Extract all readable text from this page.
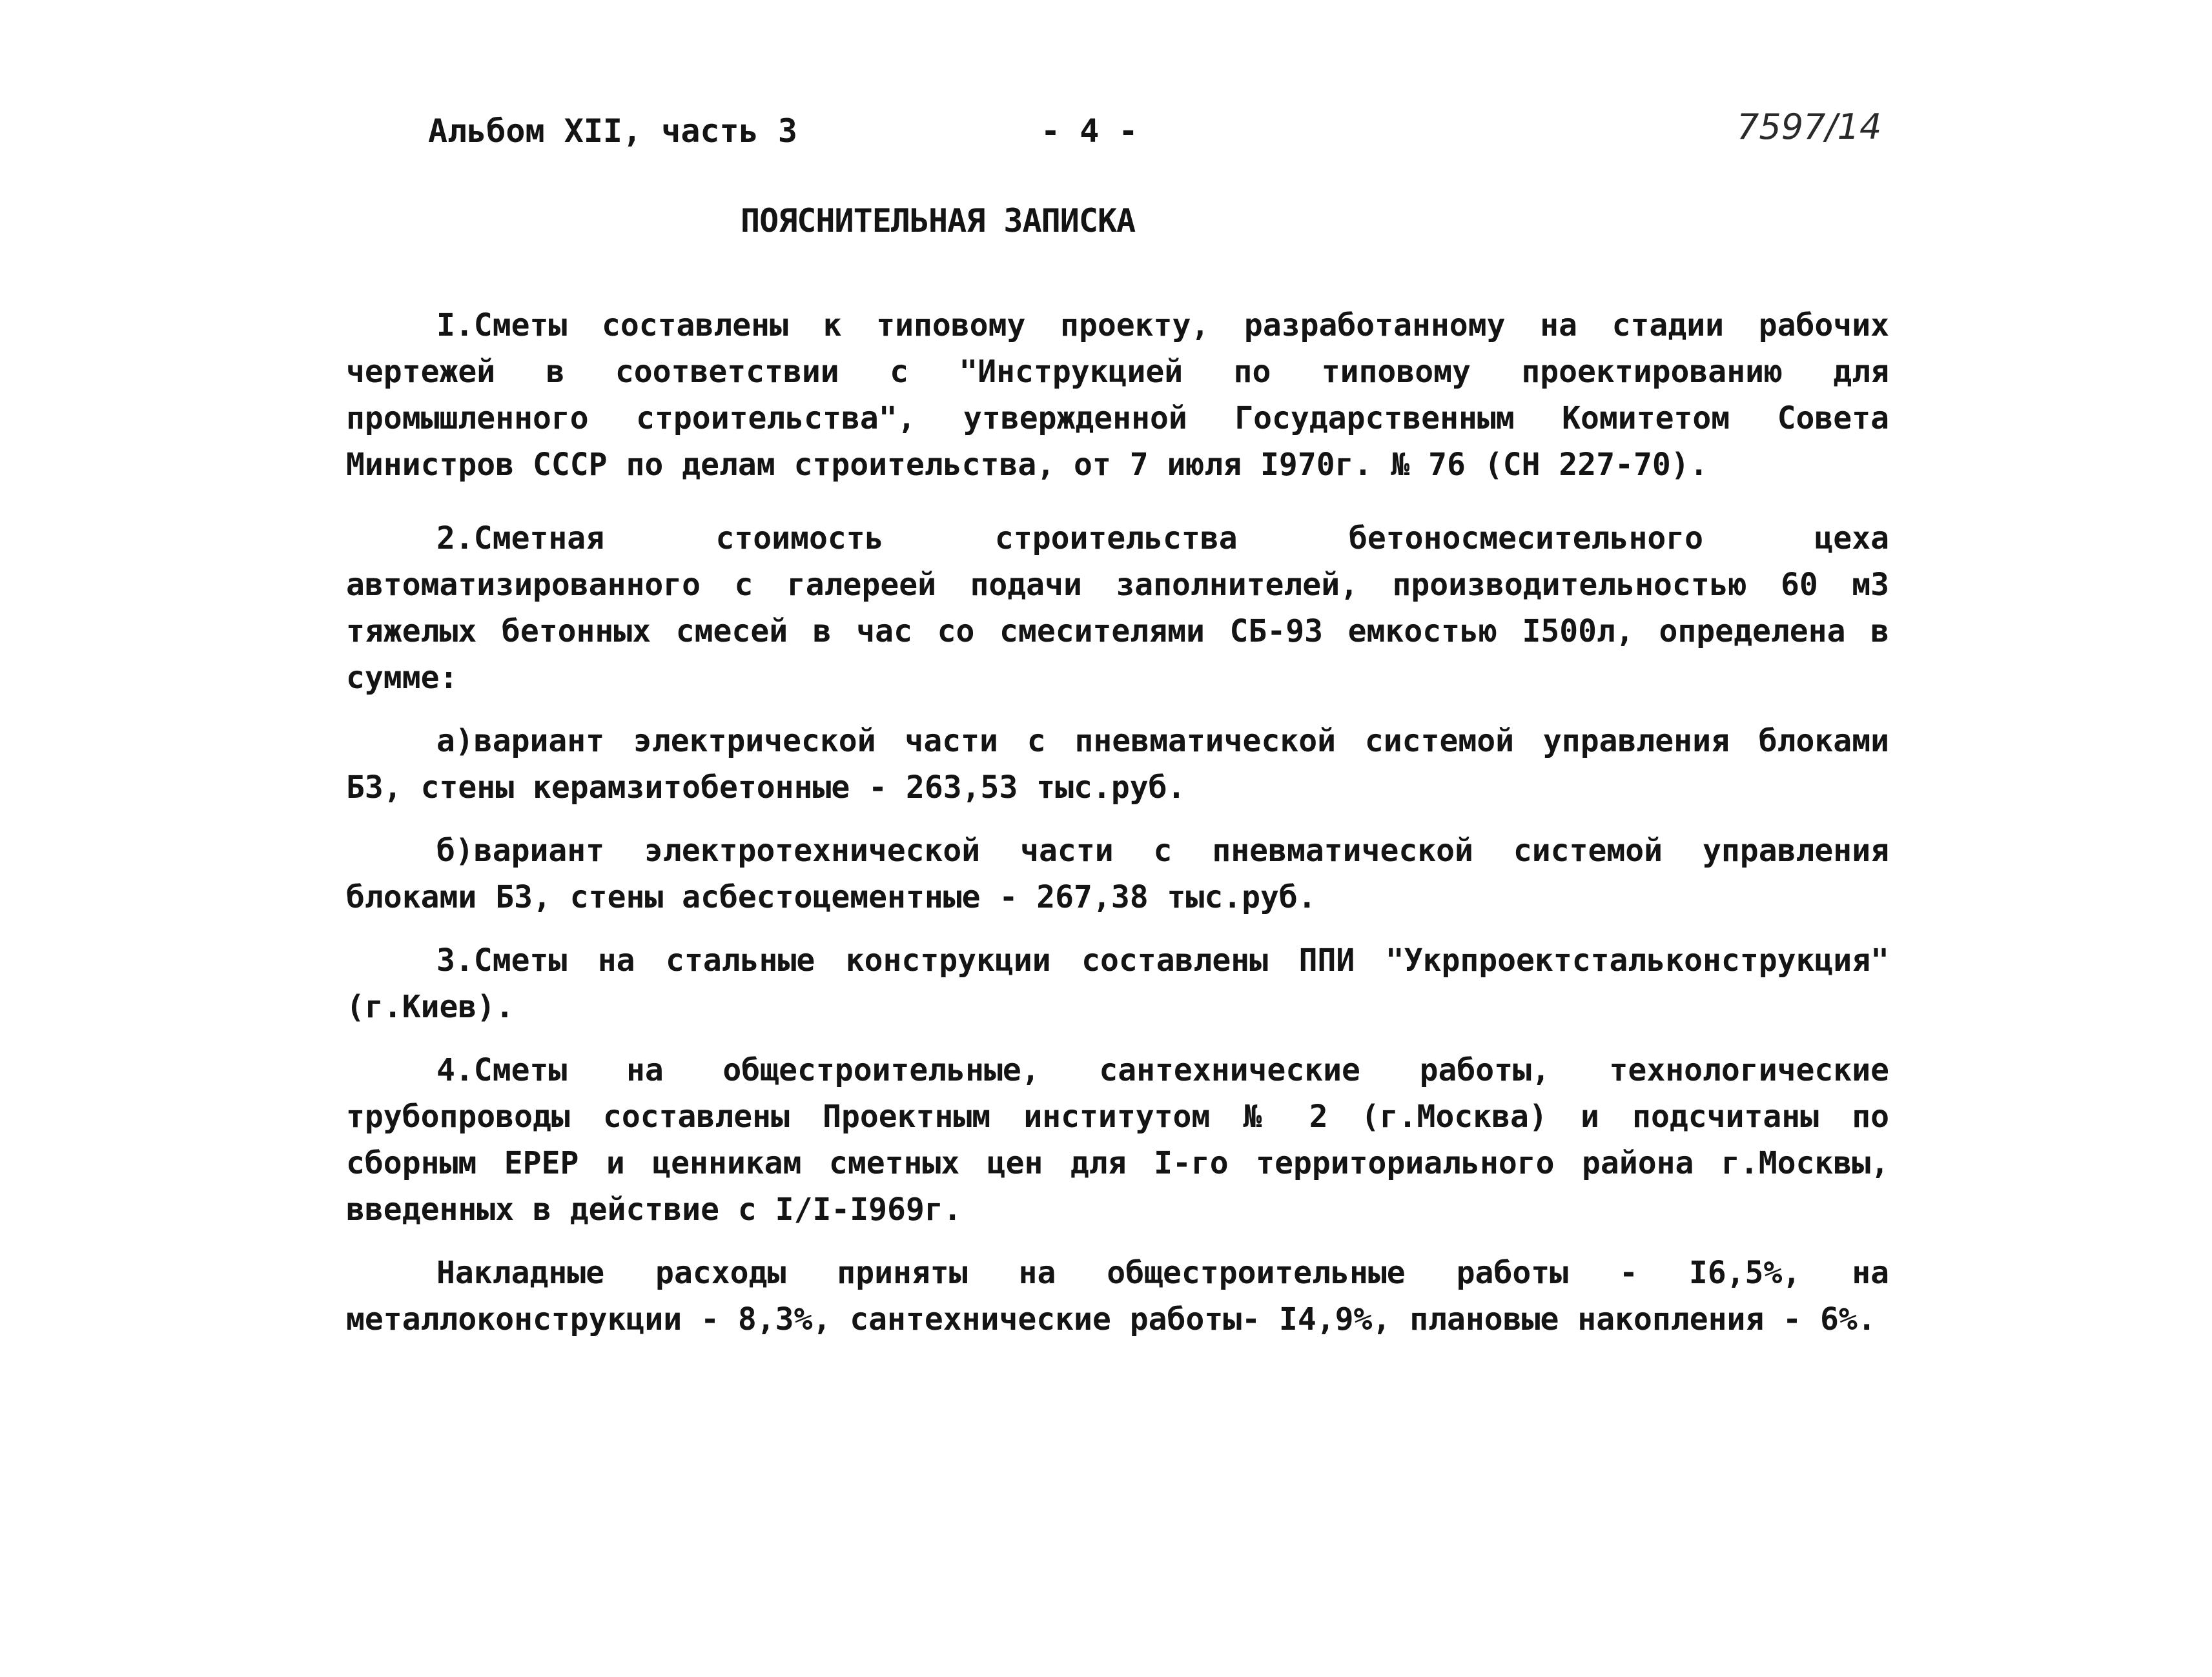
Альбом ХII, часть 3	- 4 -	7597/14
ПОЯСНИТЕЛЬНАЯ ЗАПИСКА

I.Сметы составлены к типовому проекту, разработанному на стадии рабочих чертежей в соответствии с "Инструкцией по типовому проектированию для промышленного строительства", утвержденной Государственным Комитетом Совета Министров СССР по делам строительства, от 7 июля I970г. № 76 (СН 227-70).

2.Сметная стоимость строительства бетоносмесительного цеха автоматизированного с галереей подачи заполнителей, производительностью 60 м3 тяжелых бетонных смесей в час со смесителями СБ-93 емкостью I500л, определена в сумме:

а)вариант электрической части с пневматической системой управления блоками Б3, стены керамзитобетонные - 263,53 тыс.руб.

б)вариант электротехнической части с пневматической системой управления блоками Б3, стены асбестоцементные - 267,38 тыс.руб.

3.Сметы на стальные конструкции составлены ППИ "Укрпроектстальконструкция" (г.Киев).

4.Сметы на общестроительные, сантехнические работы, технологические трубопроводы составлены Проектным институтом № 2 (г.Москва) и подсчитаны по сборным ЕРЕР и ценникам сметных цен для I-го территориального района г.Москвы, введенных в действие с I/I-I969г.

Накладные расходы приняты на общестроительные работы - I6,5%, на металлоконструкции - 8,3%, сантехнические работы- I4,9%, плановые накопления - 6%.
